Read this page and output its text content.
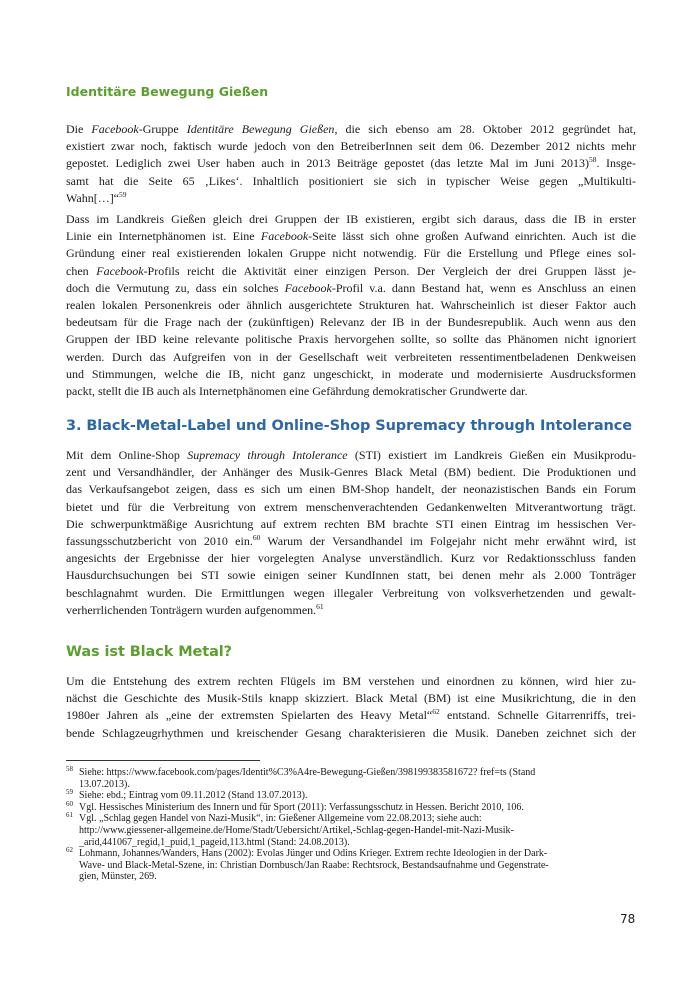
Identitäre Bewegung Gießen

Die Facebook-Gruppe Identitäre Bewegung Gießen, die sich ebenso am 28. Oktober 2012 gegründet hat,
existiert zwar noch, faktisch wurde jedoch von den BetreiberInnen seit dem 06. Dezember 2012 nichts mehr
gepostet. Lediglich zwei User haben auch in 2013 Beiträge gepostet (das letzte Mal im Juni 2013)$^{58}$. Insge-
samt hat die Seite 65 ‚Likes‘. Inhaltlich positioniert sie sich in typischer Weise gegen „Multikulti-
Wahn[…]“$^{59}$

Dass im Landkreis Gießen gleich drei Gruppen der IB existieren, ergibt sich daraus, dass die IB in erster
Linie ein Internetphänomen ist. Eine Facebook-Seite lässt sich ohne großen Aufwand einrichten. Auch ist die
Gründung einer real existierenden lokalen Gruppe nicht notwendig. Für die Erstellung und Pflege eines sol-
chen Facebook-Profils reicht die Aktivität einer einzigen Person. Der Vergleich der drei Gruppen lässt je-
doch die Vermutung zu, dass ein solches Facebook-Profil v.a. dann Bestand hat, wenn es Anschluss an einen
realen lokalen Personenkreis oder ähnlich ausgerichtete Strukturen hat. Wahrscheinlich ist dieser Faktor auch
bedeutsam für die Frage nach der (zukünftigen) Relevanz der IB in der Bundesrepublik. Auch wenn aus den
Gruppen der IBD keine relevante politische Praxis hervorgehen sollte, so sollte das Phänomen nicht ignoriert
werden. Durch das Aufgreifen von in der Gesellschaft weit verbreiteten ressentimentbeladenen Denkweisen
und Stimmungen, welche die IB, nicht ganz ungeschickt, in moderate und modernisierte Ausdrucksformen
packt, stellt die IB auch als Internetphänomen eine Gefährdung demokratischer Grundwerte dar.

3. Black-Metal-Label und Online-Shop Supremacy through Intolerance

Mit dem Online-Shop Supremacy through Intolerance (STI) existiert im Landkreis Gießen ein Musikprodu-
zent und Versandhändler, der Anhänger des Musik-Genres Black Metal (BM) bedient. Die Produktionen und
das Verkaufsangebot zeigen, dass es sich um einen BM-Shop handelt, der neonazistischen Bands ein Forum
bietet und für die Verbreitung von extrem menschenverachtenden Gedankenwelten Mitverantwortung trägt.
Die schwerpunktmäßige Ausrichtung auf extrem rechten BM brachte STI einen Eintrag im hessischen Ver-
fassungsschutzbericht von 2010 ein.$^{60}$ Warum der Versandhandel im Folgejahr nicht mehr erwähnt wird, ist
angesichts der Ergebnisse der hier vorgelegten Analyse unverständlich. Kurz vor Redaktionsschluss fanden
Hausdurchsuchungen bei STI sowie einigen seiner KundInnen statt, bei denen mehr als 2.000 Tonträger
beschlagnahmt wurden. Die Ermittlungen wegen illegaler Verbreitung von volksverhetzenden und gewalt-
verherrlichenden Tonträgern wurden aufgenommen.$^{61}$

Was ist Black Metal?

Um die Entstehung des extrem rechten Flügels im BM verstehen und einordnen zu können, wird hier zu-
nächst die Geschichte des Musik-Stils knapp skizziert. Black Metal (BM) ist eine Musikrichtung, die in den
1980er Jahren als „eine der extremsten Spielarten des Heavy Metal“$^{62}$ entstand. Schnelle Gitarrenriffs, trei-
bende Schlagzeugrhythmen und kreischender Gesang charakterisieren die Musik. Daneben zeichnet sich der

58 Siehe: https://www.facebook.com/pages/Identit%C3%A4re-Bewegung-Gießen/398199383581672? fref=ts (Stand
13.07.2013).
59 Siehe: ebd.; Eintrag vom 09.11.2012 (Stand 13.07.2013).
60 Vgl. Hessisches Ministerium des Innern und für Sport (2011): Verfassungsschutz in Hessen. Bericht 2010, 106.
61 Vgl. „Schlag gegen Handel von Nazi-Musik“, in: Gießener Allgemeine vom 22.08.2013; siehe auch:
http://www.giessener-allgemeine.de/Home/Stadt/Uebersicht/Artikel,-Schlag-gegen-Handel-mit-Nazi-Musik-
_arid,441067_regid,1_puid,1_pageid,113.html (Stand: 24.08.2013).
62 Lohmann, Johannes/Wanders, Hans (2002): Evolas Jünger und Odins Krieger. Extrem rechte Ideologien in der Dark-
Wave- und Black-Metal-Szene, in: Christian Dornbusch/Jan Raabe: Rechtsrock, Bestandsaufnahme und Gegenstrate-
gien, Münster, 269.

78
